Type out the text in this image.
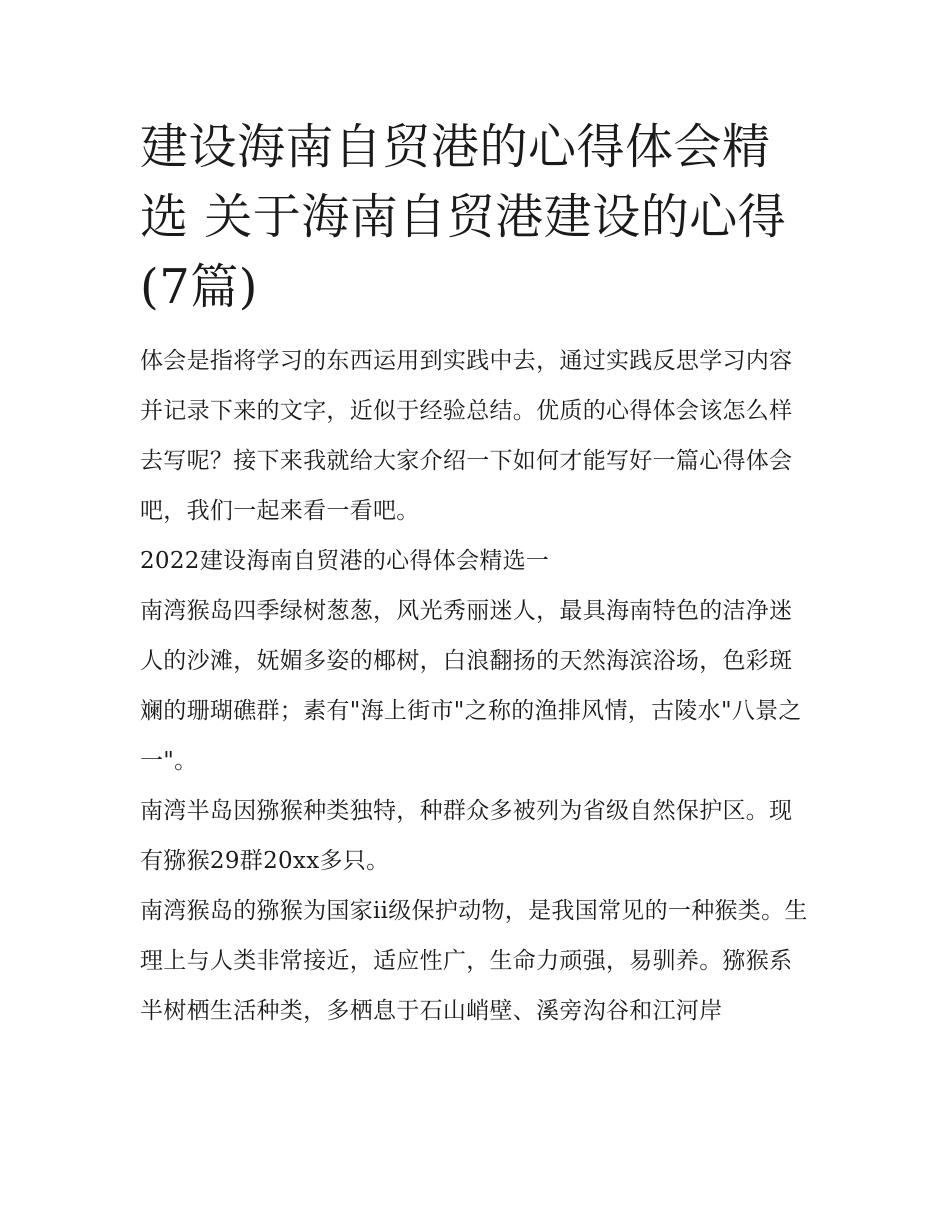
建设海南自贸港的心得体会精选 关于海南自贸港建设的心得(7篇)

体会是指将学习的东西运用到实践中去，通过实践反思学习内容并记录下来的文字，近似于经验总结。优质的心得体会该怎么样去写呢？接下来我就给大家介绍一下如何才能写好一篇心得体会吧，我们一起来看一看吧。

2022建设海南自贸港的心得体会精选一

南湾猴岛四季绿树葱葱，风光秀丽迷人，最具海南特色的洁净迷人的沙滩，妩媚多姿的椰树，白浪翻扬的天然海滨浴场，色彩斑斓的珊瑚礁群；素有"海上街市"之称的渔排风情，古陵水"八景之一"。

南湾半岛因猕猴种类独特，种群众多被列为省级自然保护区。现有猕猴29群20xx多只。

南湾猴岛的猕猴为国家ii级保护动物，是我国常见的一种猴类。生理上与人类非常接近，适应性广，生命力顽强，易驯养。猕猴系半树栖生活种类，多栖息于石山峭壁、溪旁沟谷和江河岸
